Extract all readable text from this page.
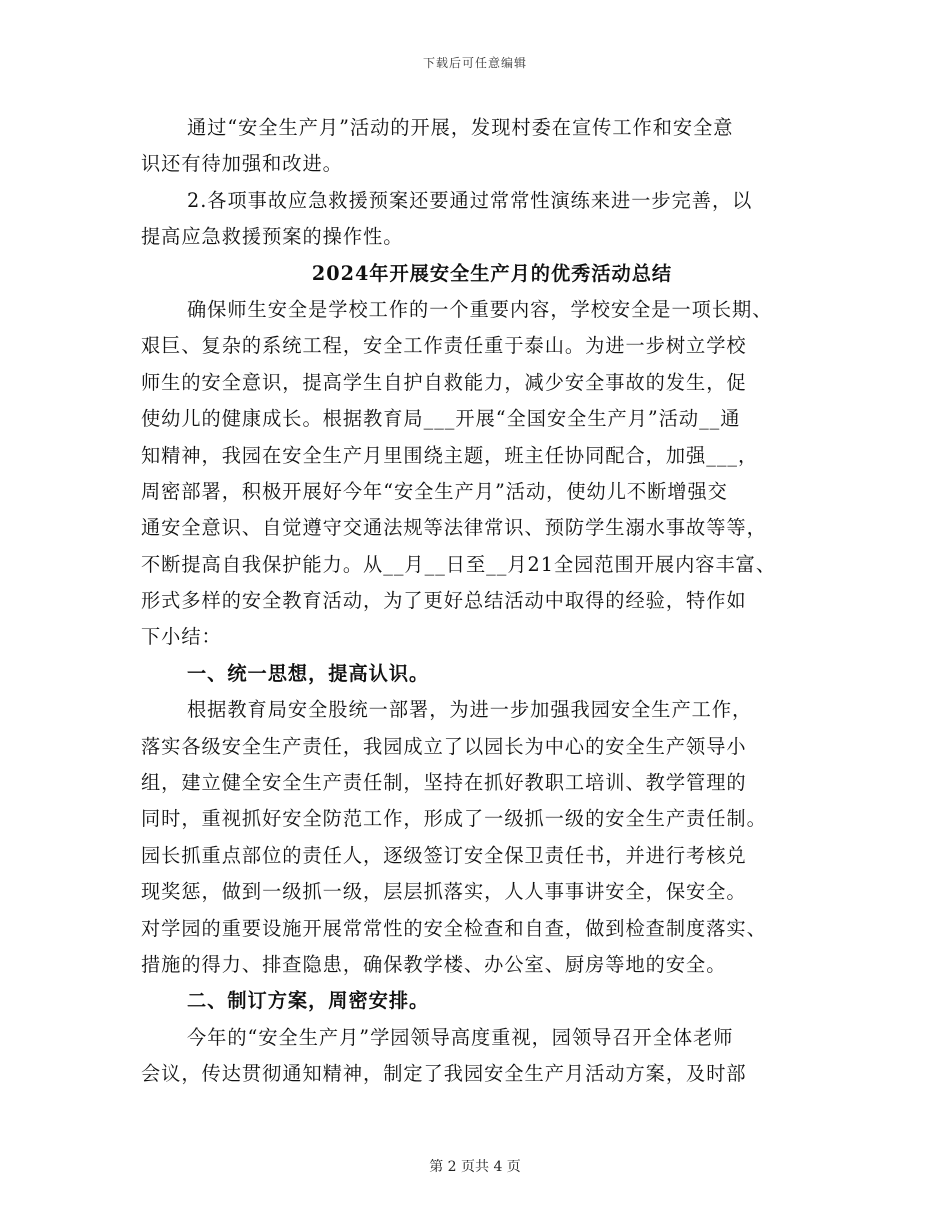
下载后可任意编辑
通过“安全生产月”活动的开展，发现村委在宣传工作和安全意
识还有待加强和改进。
2.各项事故应急救援预案还要通过常常性演练来进一步完善，以
提高应急救援预案的操作性。
2024年开展安全生产月的优秀活动总结
确保师生安全是学校工作的一个重要内容，学校安全是一项长期、
艰巨、复杂的系统工程，安全工作责任重于泰山。为进一步树立学校
师生的安全意识，提高学生自护自救能力，减少安全事故的发生，促
使幼儿的健康成长。根据教育局___开展“全国安全生产月”活动__通
知精神，我园在安全生产月里围绕主题，班主任协同配合，加强___，
周密部署，积极开展好今年“安全生产月”活动，使幼儿不断增强交
通安全意识、自觉遵守交通法规等法律常识、预防学生溺水事故等等，
不断提高自我保护能力。从__月__日至__月21全园范围开展内容丰富、
形式多样的安全教育活动，为了更好总结活动中取得的经验，特作如
下小结：
一、统一思想，提高认识。
根据教育局安全股统一部署，为进一步加强我园安全生产工作，
落实各级安全生产责任，我园成立了以园长为中心的安全生产领导小
组，建立健全安全生产责任制，坚持在抓好教职工培训、教学管理的
同时，重视抓好安全防范工作，形成了一级抓一级的安全生产责任制。
园长抓重点部位的责任人，逐级签订安全保卫责任书，并进行考核兑
现奖惩，做到一级抓一级，层层抓落实，人人事事讲安全，保安全。
对学园的重要设施开展常常性的安全检查和自查，做到检查制度落实、
措施的得力、排查隐患，确保教学楼、办公室、厨房等地的安全。
二、制订方案，周密安排。
今年的“安全生产月”学园领导高度重视，园领导召开全体老师
会议，传达贯彻通知精神，制定了我园安全生产月活动方案，及时部
第 2 页共 4 页
